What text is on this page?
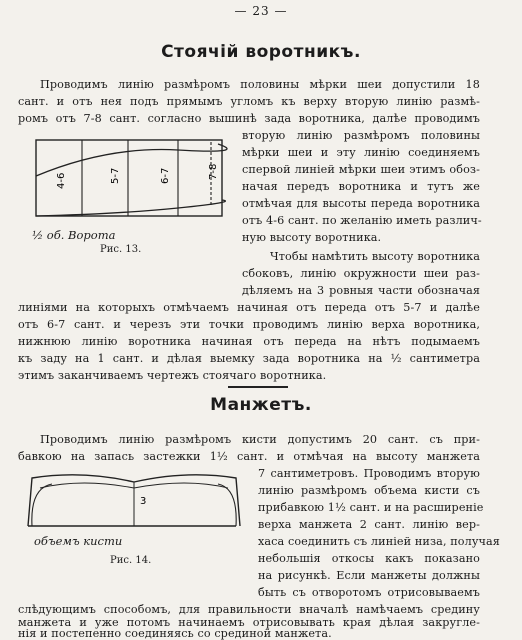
— 23 —
Стоячій воротникъ.
Проводимъ линію размѣромъ половины мѣрки шеи допустили 18
сант. и отъ нея подъ прямымъ угломъ къ верху вторую линію размѣ-
ромъ отъ 7-8 сант. согласно вышинѣ зада воротника, далѣе проводимъ
вторую линію размѣромъ половины
мѣрки шеи и эту линію соединяемъ
спервой линіей мѣрки шеи этимъ обоз-
начая передъ воротника и тутъ же
отмѣчая для высоты переда воротника
отъ 4-6 сант. по желанію иметь различ-
ную высоту воротника.
Чтобы намѣтить высоту воротника
сбоковъ, линію окружности шеи раз-
дѣляемъ на 3 ровныя части обозначая
линіями на которыхъ отмѣчаемъ начиная отъ переда отъ 5-7 и далѣе
отъ 6-7 сант. и черезъ эти точки проводимъ линію верха воротника,
нижнюю линію воротника начиная отъ переда на нѣтъ подымаемъ
къ заду на 1 сант. и дѣлая выемку зада воротника на ½ сантиметра
этимъ заканчиваемъ чертежъ стоячаго воротника.
4-6	5-7	6-7	7-8
½ об. Ворота
Рис. 13.
Манжетъ.
Проводимъ линію размѣромъ кисти допустимъ 20 сант. съ при-
бавкою на запась застежки 1½ сант. и отмѣчая на высоту манжета
7 сантиметровъ. Проводимъ вторую
линію размѣромъ объема кисти съ
прибавкою 1½ сант. и на расширеніе
верха манжета 2 сант. линію вер-
хаса соединить съ линіей низа, получая
небольшія откосы какъ показано
на рисункѣ. Если манжеты должны
быть съ отворотомъ отрисовываемъ
слѣдующимъ способомъ, для правильности вначалѣ намѣчаемъ средину
манжета и уже потомъ начинаемъ отрисовывать края дѣлая закругле-
нія и постепенно соединяясь со срединой манжета.
3
объемъ кисти
Рис. 14.
